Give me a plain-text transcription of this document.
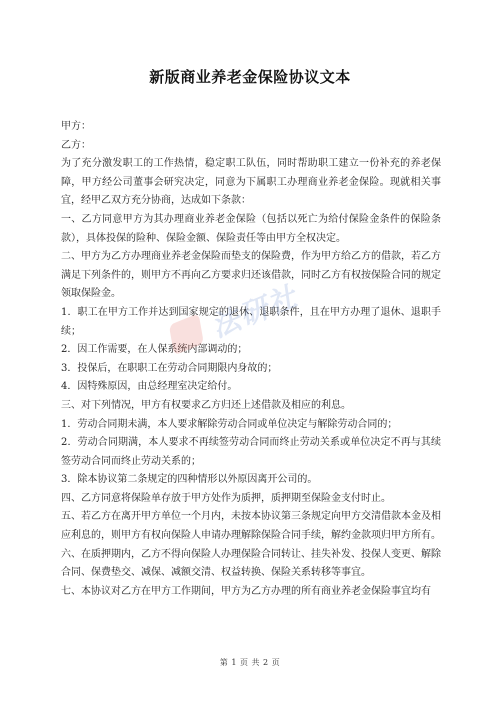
新版商业养老金保险协议文本

甲方：

乙方：

为了充分激发职工的工作热情，稳定职工队伍，同时帮助职工建立一份补充的养老保障，甲方经公司董事会研究决定，同意为下属职工办理商业养老金保险。现就相关事宜，经甲乙双方充分协商，达成如下条款：

一、乙方同意甲方为其办理商业养老金保险（包括以死亡为给付保险金条件的保险条款），具体投保的险种、保险金额、保险责任等由甲方全权决定。

二、甲方为乙方办理商业养老金保险而垫支的保险费，作为甲方给乙方的借款，若乙方满足下列条件的，则甲方不再向乙方要求归还该借款，同时乙方有权按保险合同的规定领取保险金。

1．职工在甲方工作并达到国家规定的退休、退职条件，且在甲方办理了退休、退职手续；

2．因工作需要，在人保系统内部调动的；

3．投保后，在职职工在劳动合同期限内身故的；

4．因特殊原因，由总经理室决定给付。

三、对下列情况，甲方有权要求乙方归还上述借款及相应的利息。

1．劳动合同期未满，本人要求解除劳动合同或单位决定与解除劳动合同的；

2．劳动合同期满，本人要求不再续签劳动合同而终止劳动关系或单位决定不再与其续签劳动合同而终止劳动关系的；

3．除本协议第二条规定的四种情形以外原因离开公司的。

四、乙方同意将保险单存放于甲方处作为质押，质押期至保险金支付时止。

五、若乙方在离开甲方单位一个月内，未按本协议第三条规定向甲方交清借款本金及相应利息的，则甲方有权向保险人申请办理解除保险合同手续，解约金款项归甲方所有。

六、在质押期内，乙方不得向保险人办理保险合同转让、挂失补发、投保人变更、解除合同、保费垫交、减保、减额交清、权益转换、保险关系转移等事宜。

七、本协议对乙方在甲方工作期间，甲方为乙方办理的所有商业养老金保险事宜均有

法研社
第 1 页 共 2 页
